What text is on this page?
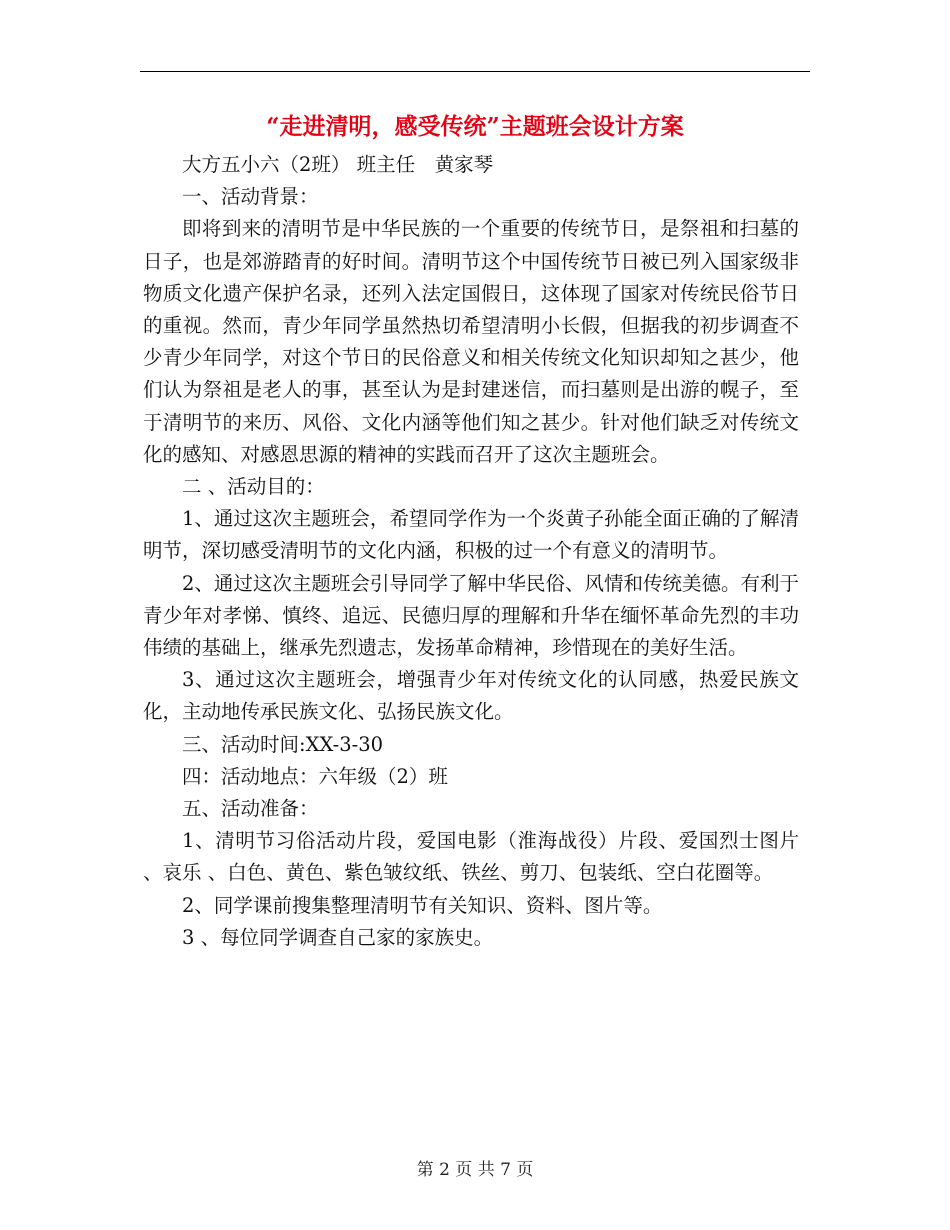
“走进清明，感受传统”主题班会设计方案

大方五小六（2班） 班主任　黄家琴

一、活动背景：

即将到来的清明节是中华民族的一个重要的传统节日，是祭祖和扫墓的日子，也是郊游踏青的好时间。清明节这个中国传统节日被已列入国家级非物质文化遗产保护名录，还列入法定国假日，这体现了国家对传统民俗节日的重视。然而，青少年同学虽然热切希望清明小长假，但据我的初步调查不少青少年同学，对这个节日的民俗意义和相关传统文化知识却知之甚少，他们认为祭祖是老人的事，甚至认为是封建迷信，而扫墓则是出游的幌子，至于清明节的来历、风俗、文化内涵等他们知之甚少。针对他们缺乏对传统文化的感知、对感恩思源的精神的实践而召开了这次主题班会。

二 、活动目的：

1、通过这次主题班会，希望同学作为一个炎黄子孙能全面正确的了解清明节，深切感受清明节的文化内涵，积极的过一个有意义的清明节。

2、通过这次主题班会引导同学了解中华民俗、风情和传统美德。有利于青少年对孝悌、慎终、追远、民德归厚的理解和升华在缅怀革命先烈的丰功伟绩的基础上，继承先烈遗志，发扬革命精神，珍惜现在的美好生活。

3、通过这次主题班会，增强青少年对传统文化的认同感，热爱民族文化，主动地传承民族文化、弘扬民族文化。

三、活动时间:XX-3-30

四：活动地点：六年级（2）班

五、活动准备：

1、清明节习俗活动片段，爱国电影（淮海战役）片段、爱国烈士图片 、哀乐 、白色、黄色、紫色皱纹纸、铁丝、剪刀、包装纸、空白花圈等。

2、同学课前搜集整理清明节有关知识、资料、图片等。

3 、每位同学调查自己家的家族史。

第 2 页 共 7 页
